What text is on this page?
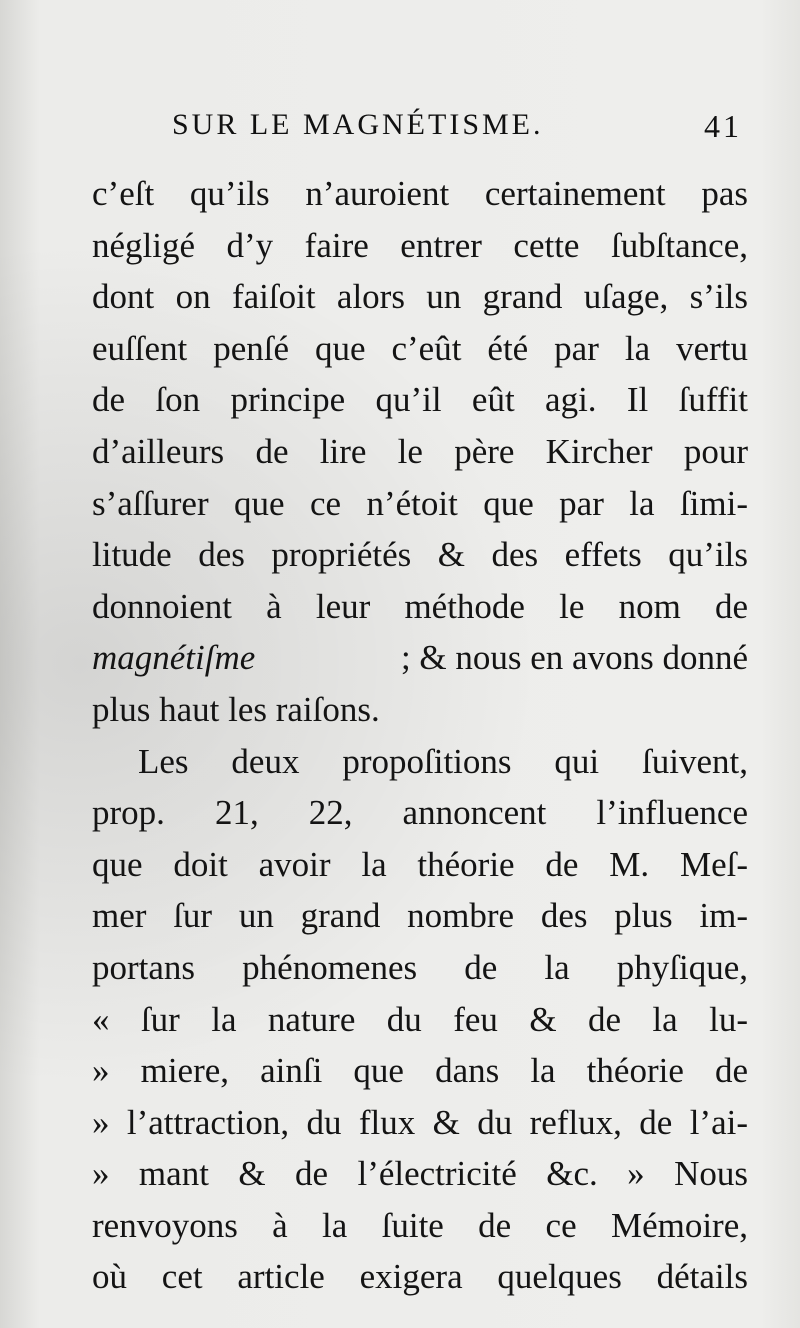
SUR LE MAGNÉTISME.	41
c’eſt qu’ils n’auroient certainement pas
négligé d’y faire entrer cette ſubſtance,
dont on faiſoit alors un grand uſage, s’ils
euſſent penſé que c’eût été par la vertu
de ſon principe qu’il eût agi. Il ſuffit
d’ailleurs de lire le père Kircher pour
s’aſſurer que ce n’étoit que par la ſimi-
litude des propriétés & des effets qu’ils
donnoient à leur méthode le nom de
magnétiſme	; & nous en avons donné
plus haut les raiſons.
Les deux propoſitions qui ſuivent,
prop. 21, 22, annoncent l’influence
que doit avoir la théorie de M. Meſ-
mer ſur un grand nombre des plus im-
portans phénomenes de la phyſique,
« ſur la nature du feu & de la lu-
» miere, ainſi que dans la théorie de
» l’attraction, du flux & du reflux, de l’ai-
» mant & de l’électricité &c. » Nous
renvoyons à la ſuite de ce Mémoire,
où cet article exigera quelques détails
